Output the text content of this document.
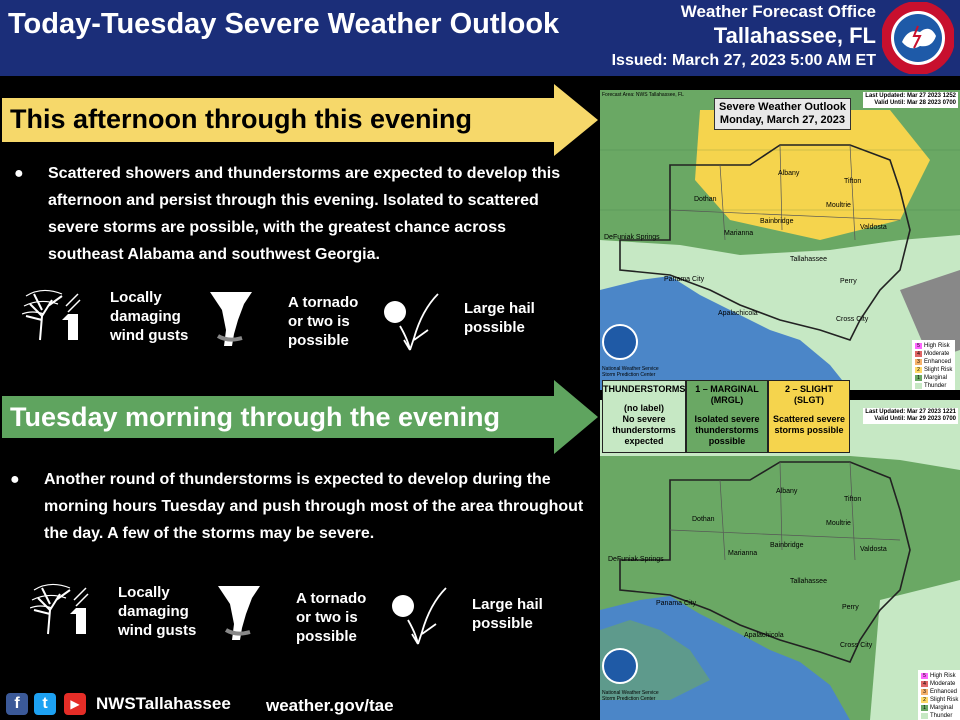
Today-Tuesday Severe Weather Outlook	Weather Forecast Office
Tallahassee, FL
Issued: March 27, 2023 5:00 AM ET
This afternoon through this evening
● Scattered showers and thunderstorms are expected to develop this afternoon and persist through this evening. Isolated to scattered severe storms are possible, with the greatest chance across southeast Alabama and southwest Georgia.
Locally damaging wind gusts
A tornado or two is possible
Large hail possible
Tuesday morning through the evening
● Another round of thunderstorms is expected to develop during the morning hours Tuesday and push through most of the area throughout the day. A few of the storms may be severe.
Locally damaging wind gusts
A tornado or two is possible
Large hail possible
Forecast Area: NWS Tallahassee, FL	Last Updated: Mar 27 2023 1252
Valid Until: Mar 28 2023 0700
Severe Weather Outlook
Monday, March 27, 2023
Albany
Tifton
Moultrie
Dothan
Bainbridge
Valdosta
DeFuniak Springs
Marianna
Tallahassee
Panama City	Perry
Apalachicola
Cross City
National Weather Service Storm Prediction Center
5 High Risk
4 Moderate
3 Enhanced
2 Slight Risk
1 Marginal
Thunder
Last Updated: Mar 27 2023 1221
Valid Until: Mar 29 2023 0700
Albany
Tifton
Moultrie
Dothan
Bainbridge
Valdosta
DeFuniak Springs
Marianna
Tallahassee
Panama City
Perry
Apalachicola
Cross City
National Weather Service Storm Prediction Center
5 High Risk
4 Moderate
3 Enhanced
2 Slight Risk
1 Marginal
Thunder
THUNDERSTORMS
(no label)
No severe thunderstorms expected
1 – MARGINAL
(MRGL)
Isolated severe thunderstorms possible
2 – SLIGHT
(SLGT)
Scattered severe storms possible
f	t	▶ NWSTallahassee weather.gov/tae
